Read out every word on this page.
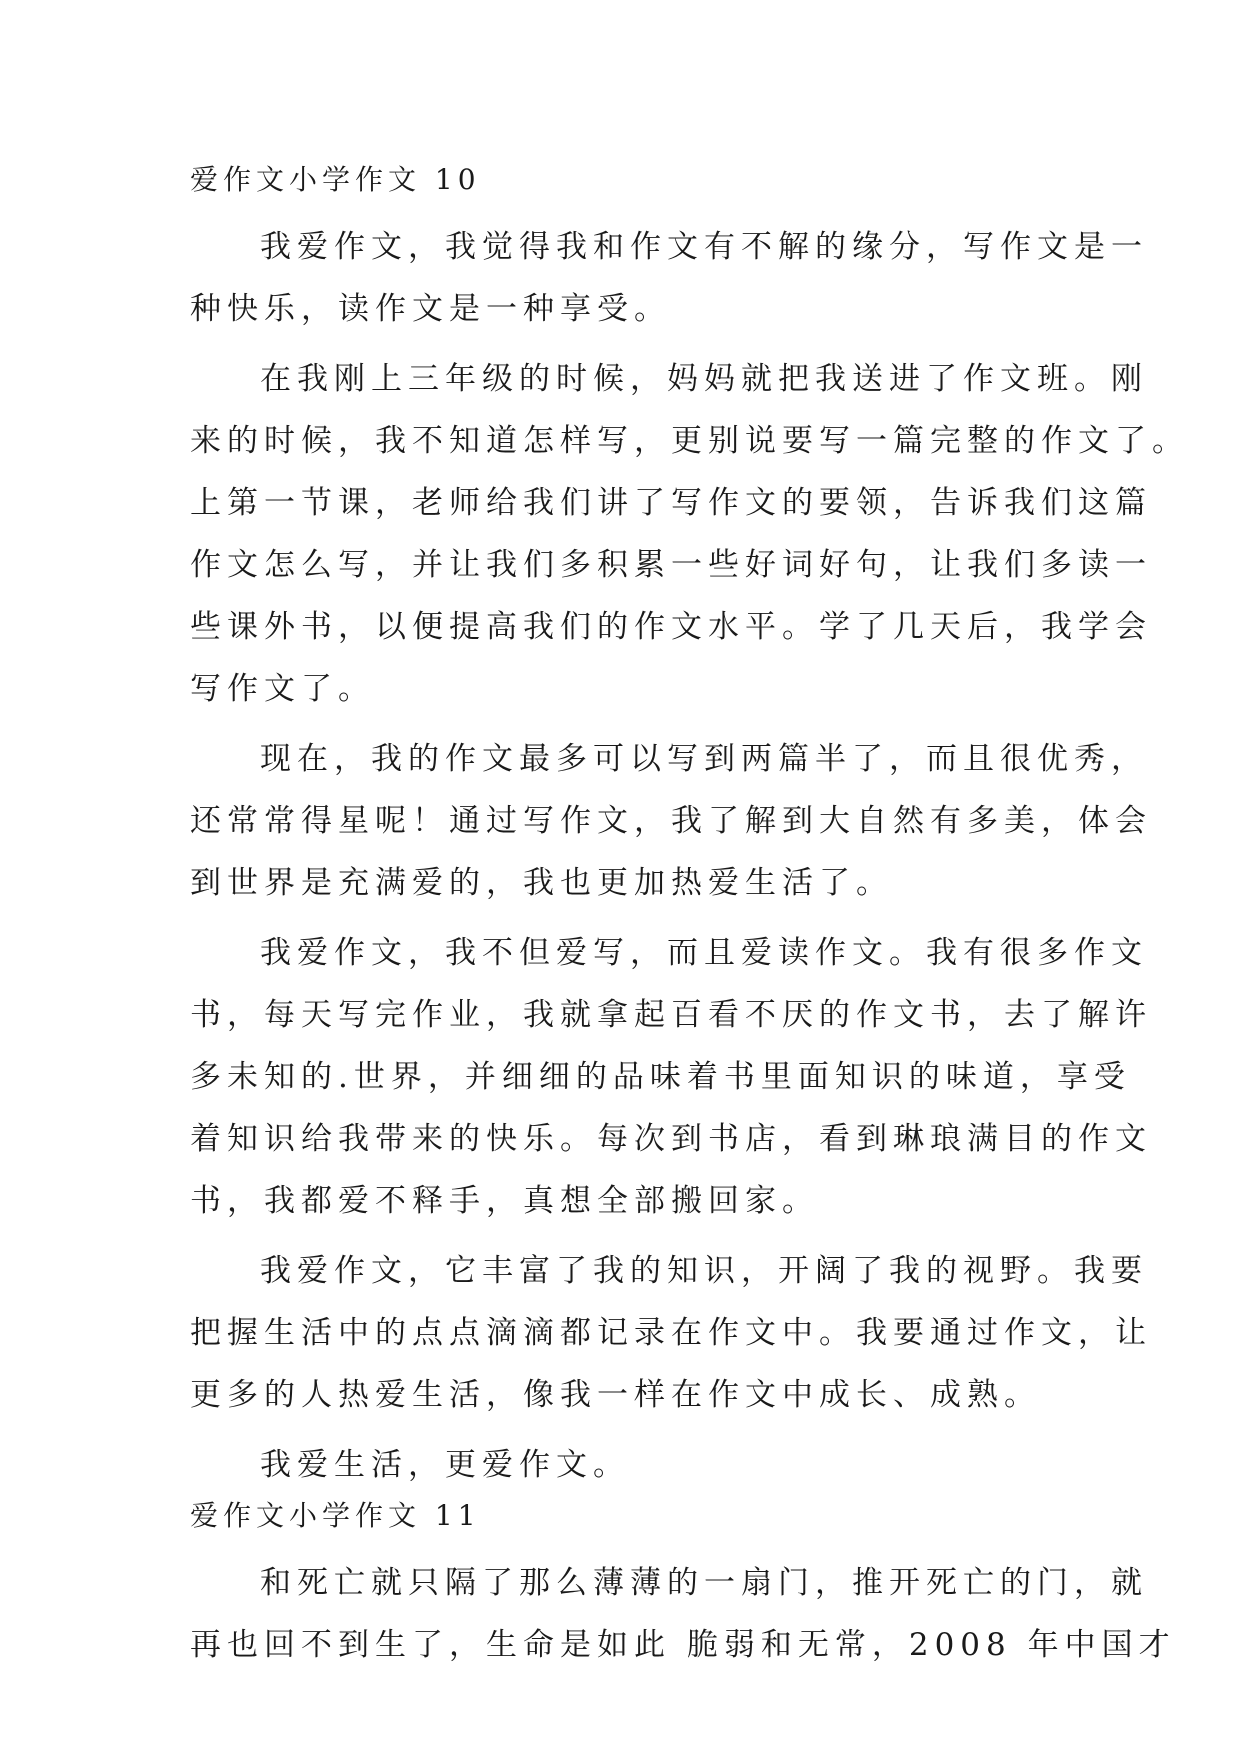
爱作文小学作文 10

我爱作文，我觉得我和作文有不解的缘分，写作文是一
种快乐，读作文是一种享受。

在我刚上三年级的时候，妈妈就把我送进了作文班。刚
来的时候，我不知道怎样写，更别说要写一篇完整的作文了。
上第一节课，老师给我们讲了写作文的要领，告诉我们这篇
作文怎么写，并让我们多积累一些好词好句，让我们多读一
些课外书，以便提高我们的作文水平。学了几天后，我学会
写作文了。

现在，我的作文最多可以写到两篇半了，而且很优秀，
还常常得星呢！通过写作文，我了解到大自然有多美，体会
到世界是充满爱的，我也更加热爱生活了。

我爱作文，我不但爱写，而且爱读作文。我有很多作文
书，每天写完作业，我就拿起百看不厌的作文书，去了解许
多未知的.世界，并细细的品味着书里面知识的味道，享受
着知识给我带来的快乐。每次到书店，看到琳琅满目的作文
书，我都爱不释手，真想全部搬回家。

我爱作文，它丰富了我的知识，开阔了我的视野。我要
把握生活中的点点滴滴都记录在作文中。我要通过作文，让
更多的人热爱生活，像我一样在作文中成长、成熟。

我爱生活，更爱作文。

爱作文小学作文 11

和死亡就只隔了那么薄薄的一扇门，推开死亡的门，就
再也回不到生了，生命是如此 脆弱和无常，2008 年中国才
